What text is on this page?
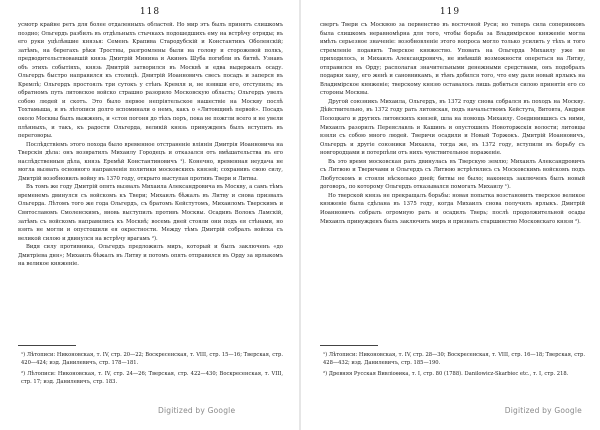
118

усмотр крайне ретъ для более отдаленныхъ областей. Но мир этъ былъ принятъ слишкомъ поздно; Ольгердъ разбилъ въ отдѣльныхъ стычкахъ подошедшихъ ему на встрѣчу отряды; въ его руки уцѣлѣвшие князья: Семенъ Крапива Стародубскій и Константинъ Оболенскій; затѣмъ, на берегахъ рѣки Тростны, разгромлены были на голову и сторожевой полкъ, предводительствовавшій князь Дмитрій Минина и Акинѳъ Шуба погибли въ битвѣ. Узнавъ объ этихъ событіяхъ, князь Дмитрій затворился въ Москвѣ и едва выдержалъ осаду. Ольгердъ быстро направился къ столицѣ. Дмитрій Иоанновичъ свесъ посадъ и заперся въ Кремлѣ; Ольгердъ простоялъ три сутокъ у стѣнъ Кремля и, не взявши его, отступилъ; въ обратномъ путь литовское войско страшно разорило Московскую область; Ольгердъ увелъ собою людей и скотъ. Это было первое непріятельское нашествіе на Москву послѣ Тохтамыша, и въ лѣтописи долго вспоминали о немъ, какъ о «Литовщинѣ первой». Посадъ около Москвы былъ выжженъ, и «стоя погоня до тѣхъ поръ, пока не пожгли всего и не увели плѣнныхъ, и такъ, къ радости Ольгерда, великій князь принужденъ былъ вступить въ переговоры.

Послѣдствіемъ этого похода было временное отстраненіе вліянія Дмитрія Иоанновича на Тверскія дѣла: онъ возвратилъ Михаилу Городецъ и отказался отъ вмѣшательства въ его наслѣдственныя дѣла, князь Еремѣй Константиновичъ ¹). Конечно, временная неудача не могла вызвать основного направленія политики московскихъ князей; сохранивъ свою силу, Дмитрій возобновилъ войну въ 1370 году, открыто выступая противъ Твери и Литвы.

Въ томъ же году Дмитрій опять вызвалъ Михаила Александровича въ Москву, а самъ тѣмъ временемъ двинулся съ войскомъ къ Твери; Михаилъ бѣжалъ въ Литву и снова призвалъ Ольгерда. Лѣтомъ того же года Ольгердъ, съ братомъ Кейстутомъ, Михаиломъ Тверскимъ и Святославомъ Смоленскимъ, вновь выступилъ противъ Москвы. Осадивъ Волокъ Ламскій, затѣмъ съ войскомъ направились къ Москвѣ; восемь дней стояли они подъ ея стѣнами, но взять не могли и опустошили ея окрестности. Между тѣмъ Дмитрій собралъ войска съ великой силою и двинулся на встрѣчу врагамъ ²).

Видя силу противника, Ольгердъ предложилъ миръ, который и былъ заключенъ «до Дмитріева дня»; Михаилъ бѣжалъ въ Литву и потомъ опять отправился въ Орду за ярлыкомъ на великое княженіе.

¹) Лѣтописи: Никоновская, т. IV, стр. 20—22; Воскресенская, т. VIII, стр. 15—16; Тверская, стр. 420—424; изд. Данилевичъ, стр. 178—181.

²) Лѣтописи: Никоновская, т. IV, стр. 24—26; Тверская, стр. 422—430; Воскресенская, т. VIII, стр. 17; изд. Данилевичъ, стр. 183.

Digitized by Google
119

свергъ Твери съ Москвою за первенство въ восточной Руси; но теперь сила соперниковъ была слишкомъ неравномѣрна для того, чтобы борьба за Владимірское княженіе могла имѣть серьезное значеніе: возобновленіе этого вопроса могло только усилить у тѣхъ и того стремленіе подавить Тверское княжество. Уповать на Ольгерда Михаилу уже не приходилось, и Михаилъ Александровичъ, не имѣвшій возможности опереться на Литву, отправился въ Орду; располагая значительными денежными средствами, онъ подобралъ подарки хану, его женѣ и сановникамъ, и тѣмъ добился того, что ему дали новый ярлыкъ на Владимірское княженіе; тверскому князю оставалось лишь добиться силою принятія его со стороны Москвы.

Другой союзникъ Михаила, Ольгердъ, въ 1372 году снова собрался въ походъ на Москву. Дѣйствительно, въ 1372 году рать литовская, подъ начальствомъ Кейстута, Витовта, Андрея Полоцкаго и другихъ литовскихъ князей, шла на помощь Михаилу. Соединившись съ ними, Михаилъ разорилъ Переяславль и Кашинъ и опустошилъ Новоторжскія волости; литовцы взяли съ собою много людей. Тверичи осадили и Новый Торжокъ. Дмитрій Иоанновичъ, Ольгердъ и другіе союзники Михаила, тогда же, въ 1372 году, вступили въ борьбу съ новгородцами и потерпѣли отъ нихъ чувствительное пораженіе.

Въ это время московская рать двинулась въ Тверскую землю; Михаилъ Александровичъ съ Литвою и Тверичами и Ольгердъ съ Литвою встрѣтились съ Московскимъ войскомъ подъ Любутскомъ и стояли нѣсколько дней; битвы не было; наконецъ заключенъ былъ новый договоръ, по которому Ольгердъ отказывался помогать Михаилу ¹).

Но тверской князь не прекращалъ борьбы: новая попытка возстановить тверское великое княженіе была сдѣлана въ 1375 году, когда Михаилъ снова получилъ ярлыкъ. Дмитрій Иоанновичъ собралъ огромную рать и осадилъ Тверь; послѣ продолжительной осады Михаилъ принужденъ былъ заключить миръ и признать старшинство Московскаго князя ²).

¹) Лѣтописи: Никоновская, т. IV, стр. 28—30; Воскресенская, т. VIII, стр. 16—18; Тверская, стр. 428—432; изд. Данилевичъ, стр. 185—190.

²) Древняя Русская Вивліоѳика, т. I, стр. 80 (1788). Danilowicz-Skarbiec etc., т. I, стр. 218.

Digitized by Google
